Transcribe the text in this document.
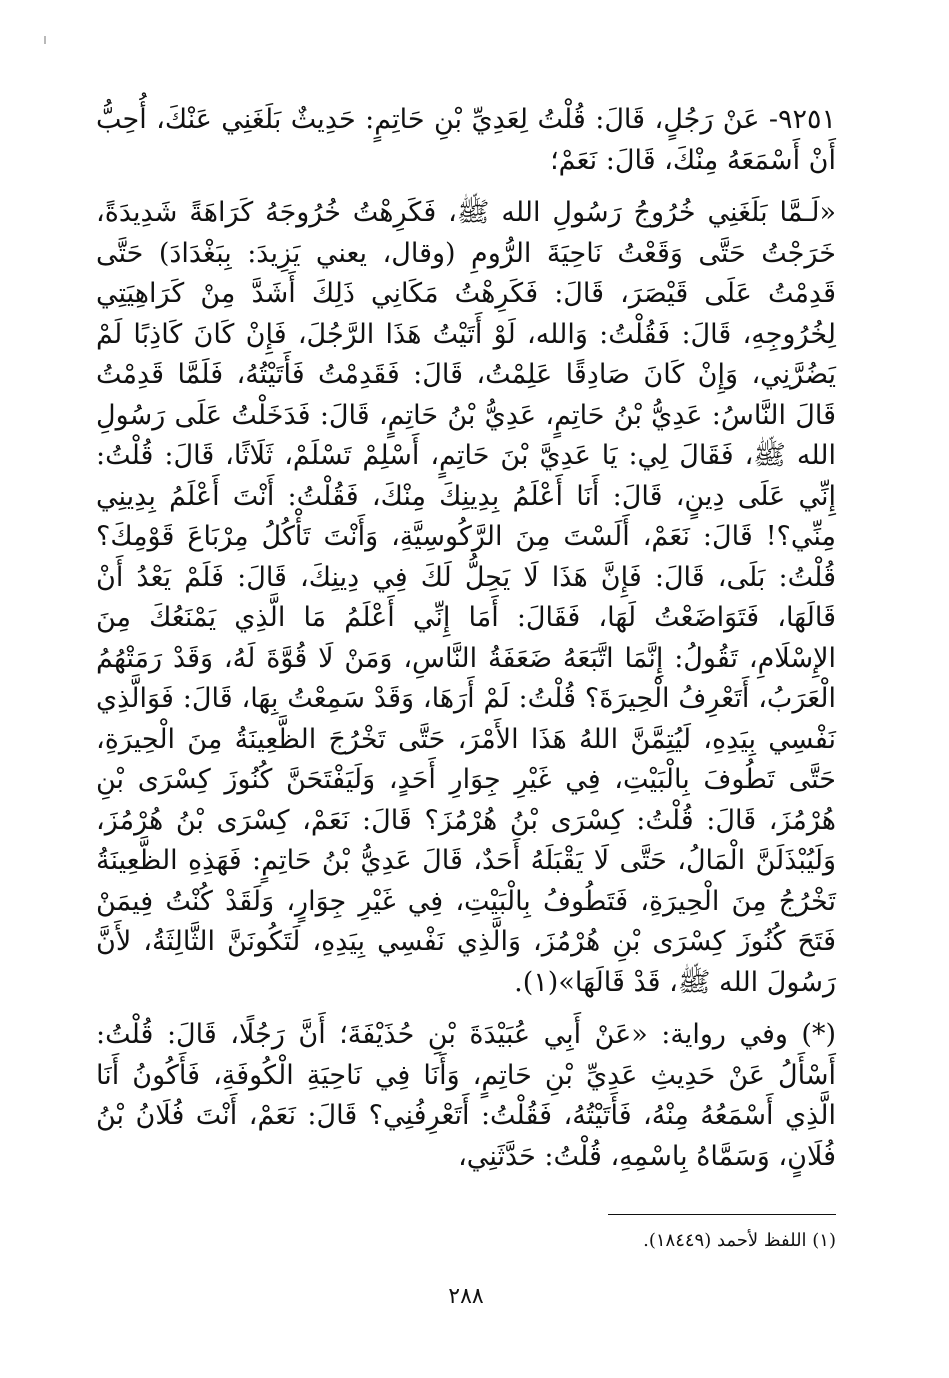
٩٢٥١- عَنْ رَجُلٍ، قَالَ: قُلْتُ لِعَدِيِّ بْنِ حَاتِمٍ: حَدِيثٌ بَلَغَنِي عَنْكَ، أُحِبُّ أَنْ أَسْمَعَهُ مِنْكَ، قَالَ: نَعَمْ؛

«لَـمَّا بَلَغَنِي خُرُوجُ رَسُولِ الله ﷺ، فَكَرِهْتُ خُرُوجَهُ كَرَاهَةً شَدِيدَةً، خَرَجْتُ حَتَّى وَقَعْتُ نَاحِيَةَ الرُّومِ (وقال، يعني يَزِيدَ: بِبَغْدَادَ) حَتَّى قَدِمْتُ عَلَى قَيْصَرَ، قَالَ: فَكَرِهْتُ مَكَانِي ذَلِكَ أَشَدَّ مِنْ كَرَاهِيَتِي لِخُرُوجِهِ، قَالَ: فَقُلْتُ: وَالله، لَوْ أَتَيْتُ هَذَا الرَّجُلَ، فَإِنْ كَانَ كَاذِبًا لَمْ يَضُرَّنِي، وَإِنْ كَانَ صَادِقًا عَلِمْتُ، قَالَ: فَقَدِمْتُ فَأَتَيْتُهُ، فَلَمَّا قَدِمْتُ قَالَ النَّاسُ: عَدِيُّ بْنُ حَاتِمٍ، عَدِيُّ بْنُ حَاتِمٍ، قَالَ: فَدَخَلْتُ عَلَى رَسُولِ الله ﷺ، فَقَالَ لِي: يَا عَدِيَّ بْنَ حَاتِمٍ، أَسْلِمْ تَسْلَمْ، ثَلَاثًا، قَالَ: قُلْتُ: إِنِّي عَلَى دِينٍ، قَالَ: أَنَا أَعْلَمُ بِدِينِكَ مِنْكَ، فَقُلْتُ: أَنْتَ أَعْلَمُ بِدِينِي مِنِّي؟! قَالَ: نَعَمْ، أَلَسْتَ مِنَ الرَّكُوسِيَّةِ، وَأَنْتَ تَأْكُلُ مِرْبَاعَ قَوْمِكَ؟ قُلْتُ: بَلَى، قَالَ: فَإِنَّ هَذَا لَا يَحِلُّ لَكَ فِي دِينِكَ، قَالَ: فَلَمْ يَعْدُ أَنْ قَالَهَا، فَتَوَاضَعْتُ لَهَا، فَقَالَ: أَمَا إِنِّي أَعْلَمُ مَا الَّذِي يَمْنَعُكَ مِنَ الإِسْلَامِ، تَقُولُ: إِنَّمَا اتَّبَعَهُ ضَعَفَةُ النَّاسِ، وَمَنْ لَا قُوَّةَ لَهُ، وَقَدْ رَمَتْهُمُ الْعَرَبُ، أَتَعْرِفُ الْحِيرَةَ؟ قُلْتُ: لَمْ أَرَهَا، وَقَدْ سَمِعْتُ بِهَا، قَالَ: فَوَالَّذِي نَفْسِي بِيَدِهِ، لَيُتِمَّنَّ اللهُ هَذَا الأَمْرَ، حَتَّى تَخْرُجَ الظَّعِينَةُ مِنَ الْحِيرَةِ، حَتَّى تَطُوفَ بِالْبَيْتِ، فِي غَيْرِ جِوَارِ أَحَدٍ، وَلَيَفْتَحَنَّ كُنُوزَ كِسْرَى بْنِ هُرْمُزَ، قَالَ: قُلْتُ: كِسْرَى بْنُ هُرْمُزَ؟ قَالَ: نَعَمْ، كِسْرَى بْنُ هُرْمُزَ، وَلَيُبْذَلَنَّ الْمَالُ، حَتَّى لَا يَقْبَلَهُ أَحَدٌ، قَالَ عَدِيُّ بْنُ حَاتِمٍ: فَهَذِهِ الظَّعِينَةُ تَخْرُجُ مِنَ الْحِيرَةِ، فَتَطُوفُ بِالْبَيْتِ، فِي غَيْرِ جِوَارٍ، وَلَقَدْ كُنْتُ فِيمَنْ فَتَحَ كُنُوزَ كِسْرَى بْنِ هُرْمُزَ، وَالَّذِي نَفْسِي بِيَدِهِ، لَتَكُونَنَّ الثَّالِثَةُ، لأَنَّ رَسُولَ الله ﷺ، قَدْ قَالَهَا»(١).

(*) وفي رواية: «عَنْ أَبِي عُبَيْدَةَ بْنِ حُذَيْفَةَ؛ أَنَّ رَجُلًا، قَالَ: قُلْتُ: أَسْأَلُ عَنْ حَدِيثِ عَدِيِّ بْنِ حَاتِمٍ، وَأَنَا فِي نَاحِيَةِ الْكُوفَةِ، فَأَكُونُ أَنَا الَّذِي أَسْمَعُهُ مِنْهُ، فَأَتَيْتُهُ، فَقُلْتُ: أَتَعْرِفُنِي؟ قَالَ: نَعَمْ، أَنْتَ فُلَانُ بْنُ فُلَانٍ، وَسَمَّاهُ بِاسْمِهِ، قُلْتُ: حَدَّثَنِي،

(١) اللفظ لأحمد (١٨٤٤٩).
٢٨٨
